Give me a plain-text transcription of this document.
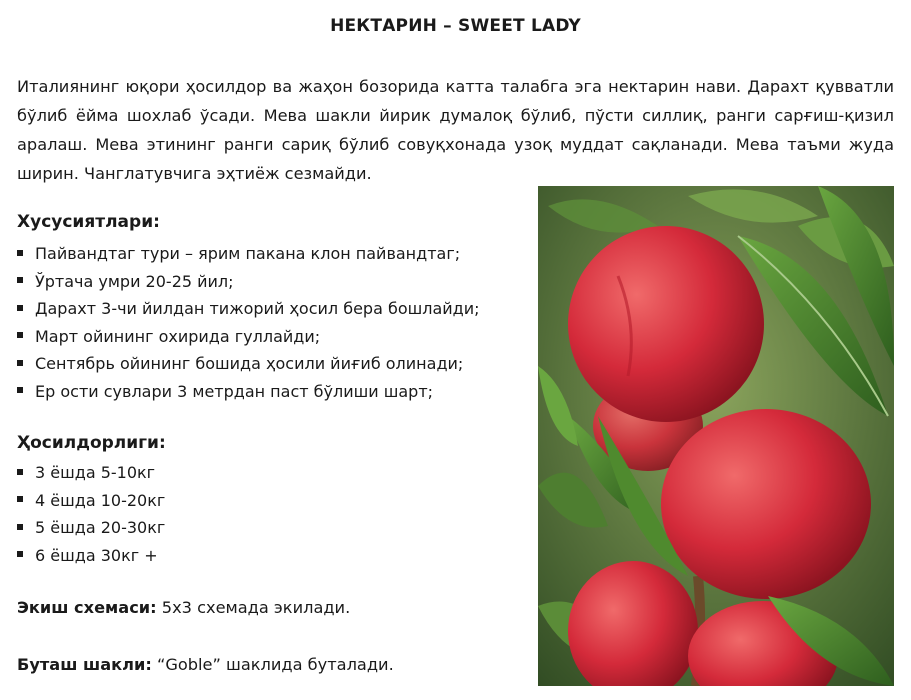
НЕКТАРИН – SWEET LADY

Италиянинг юқори ҳосилдор ва жаҳон бозорида катта талабга эга нектарин нави. Дарахт қувватли бўлиб ёйма шохлаб ўсади. Мева шакли йирик думалоқ бўлиб, пўсти силлиқ, ранги сарғиш-қизил аралаш. Мева этининг ранги сариқ бўлиб совуқхонада узоқ муддат сақланади. Мева таъми жуда ширин. Чанглатувчига эҳтиёж сезмайди.

Хусусиятлари:
Пайвандтаг тури – ярим пакана клон пайвандтаг;
Ўртача умри 20-25 йил;
Дарахт 3-чи йилдан тижорий ҳосил бера бошлайди;
Март ойининг охирида гуллайди;
Сентябрь ойининг бошида ҳосили йиғиб олинади;
Ер ости сувлари 3 метрдан паст бўлиши шарт;
Ҳосилдорлиги:
3 ёшда 5-10кг
4 ёшда 10-20кг
5 ёшда 20-30кг
6 ёшда 30кг +
Экиш схемаси: 5х3 схемада экилади.
Буташ шакли: “Goble” шаклида буталади.
